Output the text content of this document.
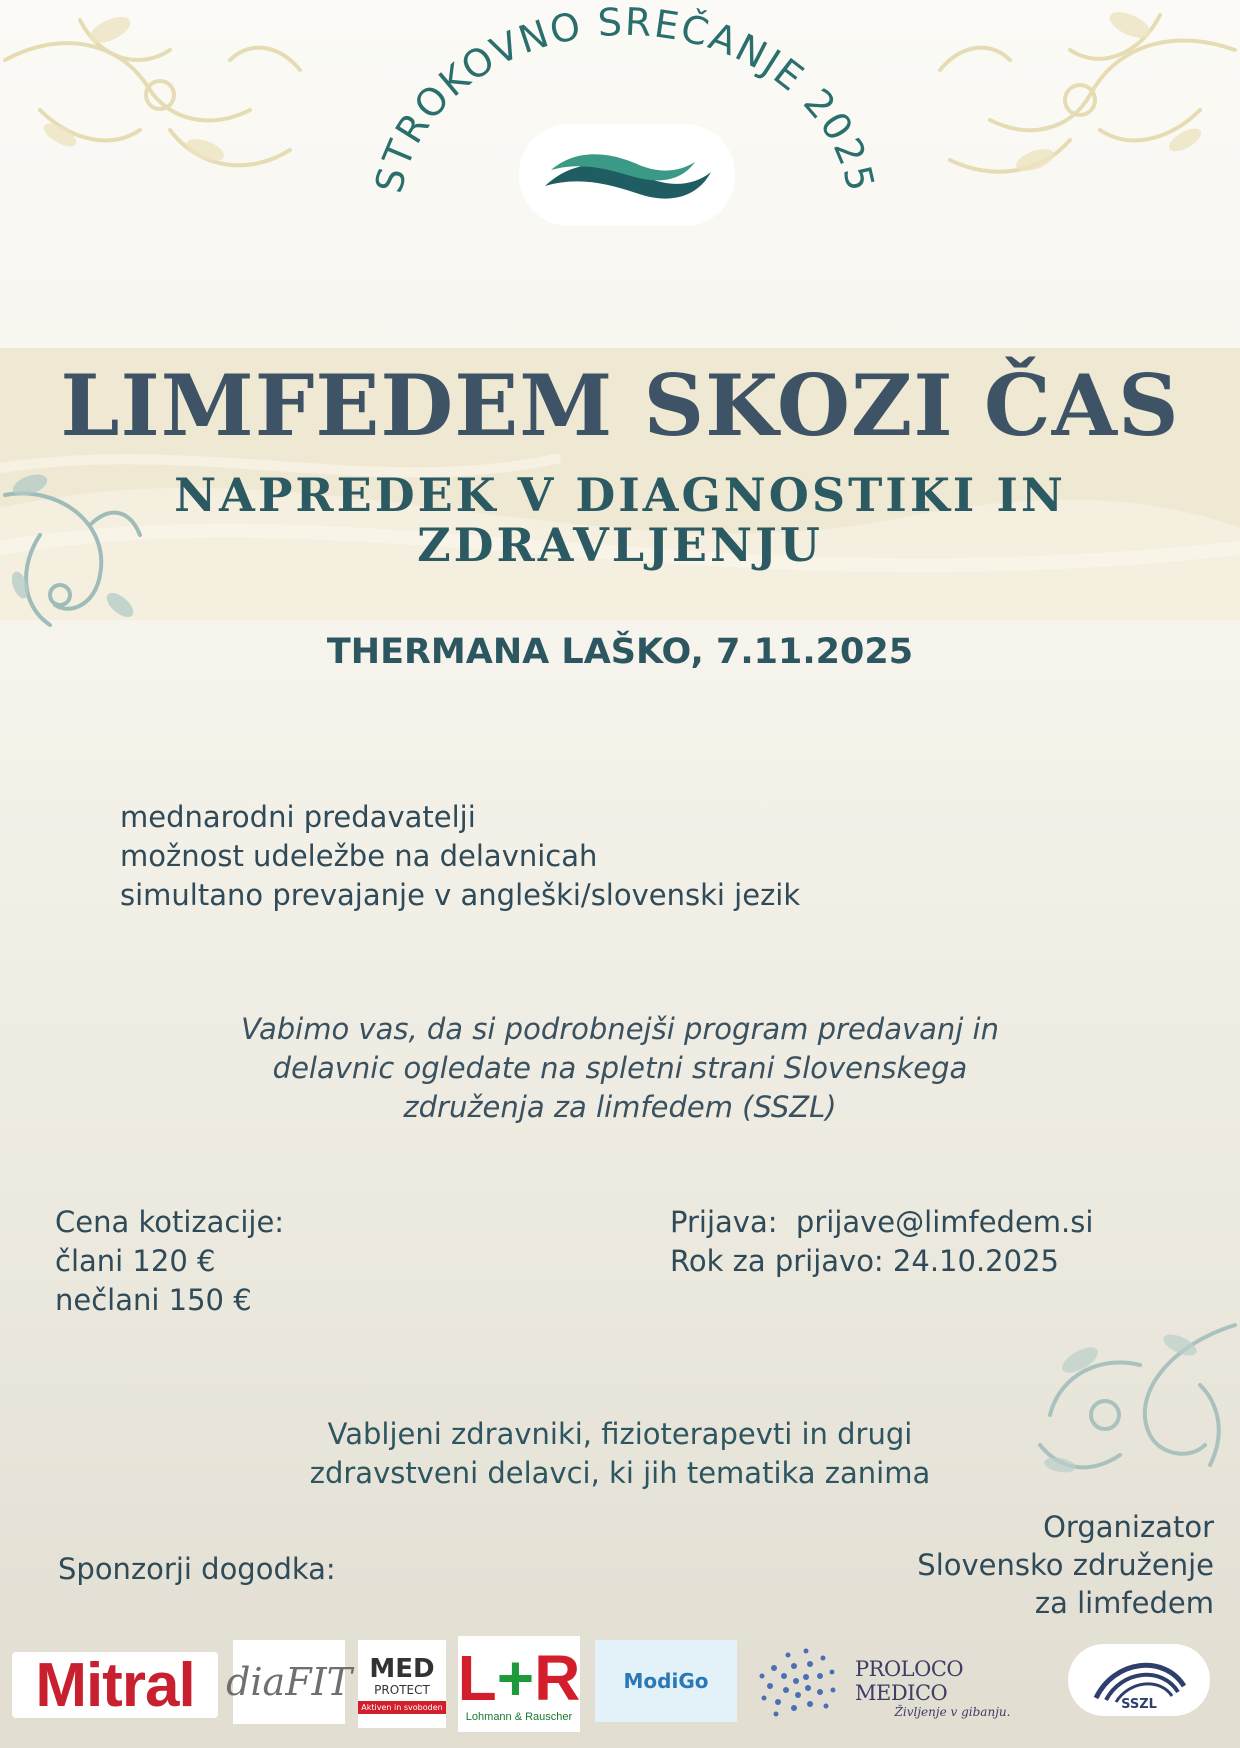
STROKOVNO SREČANJE 2025
LIMFEDEM SKOZI ČAS
NAPREDEK V DIAGNOSTIKI IN
ZDRAVLJENJU
THERMANA LAŠKO, 7.11.2025
mednarodni predavatelji
možnost udeležbe na delavnicah
simultano prevajanje v angleški/slovenski jezik
Vabimo vas, da si podrobnejši program predavanj in
delavnic ogledate na spletni strani Slovenskega
združenja za limfedem (SSZL)
Cena kotizacije:
člani 120 €
nečlani 150 €
Prijava:  prijave@limfedem.si
Rok za prijavo: 24.10.2025
Vabljeni zdravniki, fizioterapevti in drugi
zdravstveni delavci, ki jih tematika zanima
Organizator
Slovensko združenje
za limfedem
Sponzorji dogodka:
Mitral diaFIT MED
PROTECT
Aktiven in svoboden L+R
Lohmann & Rauscher
ModiGo	PROLOCO MEDICO
Življenje v gibanju.	SSZL
